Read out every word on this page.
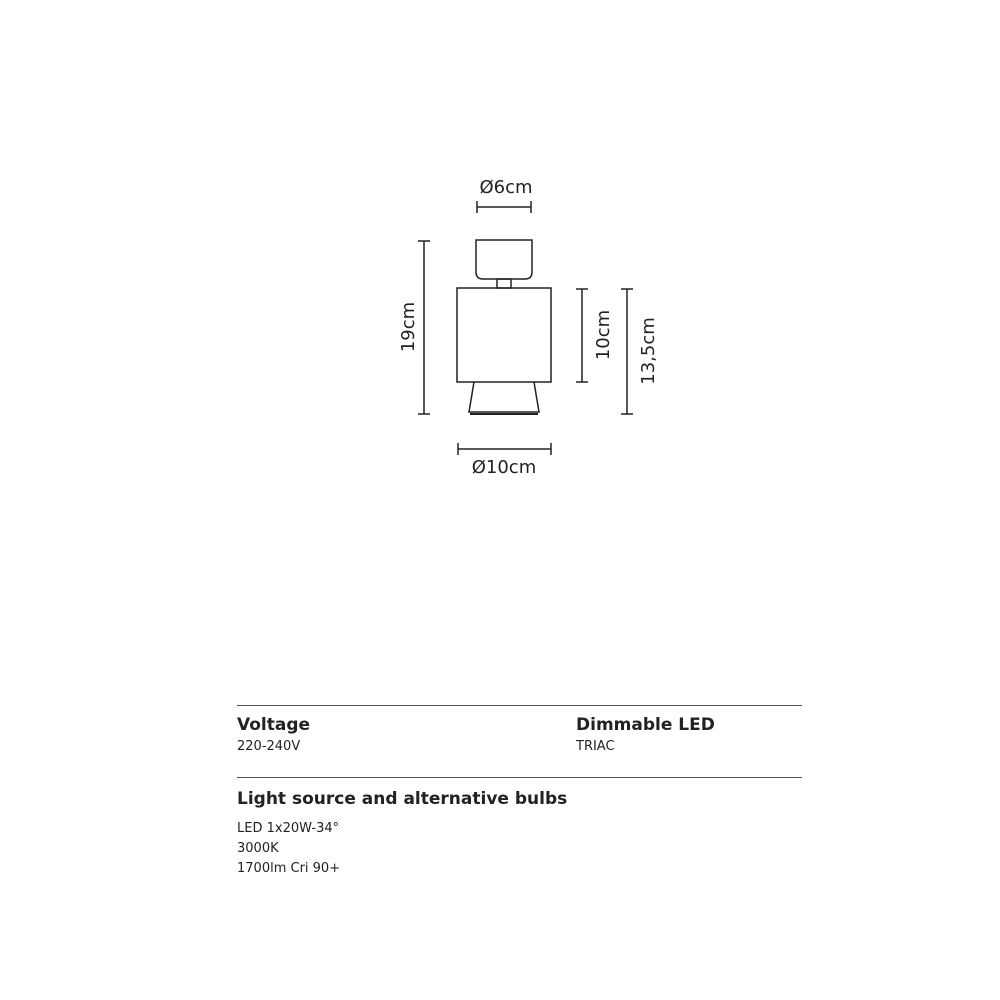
Ø6cm
19cm	10cm 13,5cm
Ø10cm
Voltage
220-240V
Dimmable LED
TRIAC
Light source and alternative bulbs
LED 1x20W-34°
3000K
1700lm Cri 90+
